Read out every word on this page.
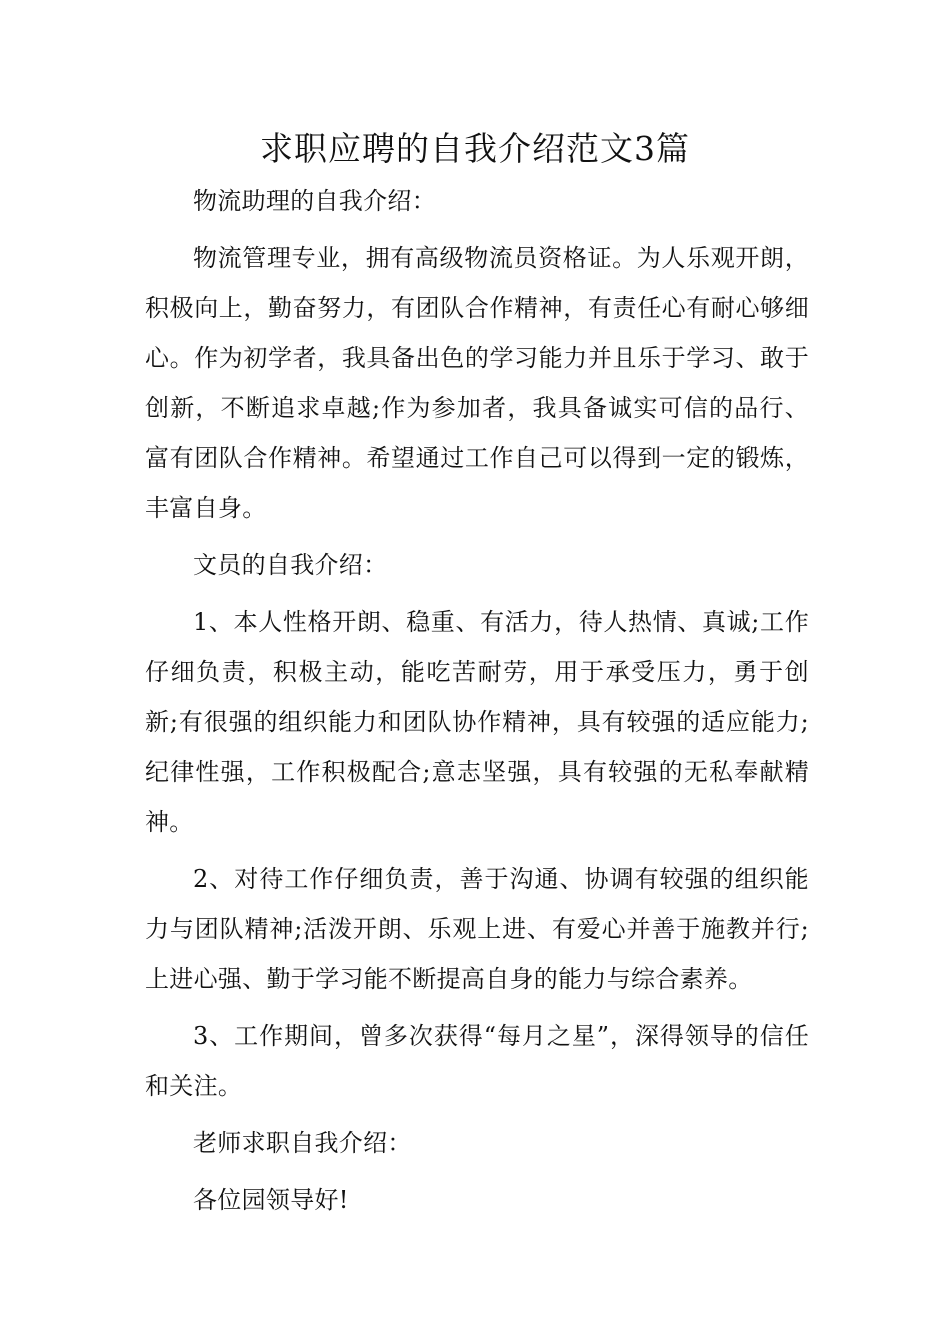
求职应聘的自我介绍范文3篇

物流助理的自我介绍：

物流管理专业，拥有高级物流员资格证。为人乐观开朗，积极向上，勤奋努力，有团队合作精神，有责任心有耐心够细心。作为初学者，我具备出色的学习能力并且乐于学习、敢于创新，不断追求卓越;作为参加者，我具备诚实可信的品行、富有团队合作精神。希望通过工作自己可以得到一定的锻炼，丰富自身。

文员的自我介绍：

1、本人性格开朗、稳重、有活力，待人热情、真诚;工作仔细负责，积极主动，能吃苦耐劳，用于承受压力，勇于创新;有很强的组织能力和团队协作精神，具有较强的适应能力;纪律性强，工作积极配合;意志坚强，具有较强的无私奉献精神。

2、对待工作仔细负责，善于沟通、协调有较强的组织能力与团队精神;活泼开朗、乐观上进、有爱心并善于施教并行;上进心强、勤于学习能不断提高自身的能力与综合素养。

3、工作期间，曾多次获得“每月之星”，深得领导的信任和关注。

老师求职自我介绍：

各位园领导好!
